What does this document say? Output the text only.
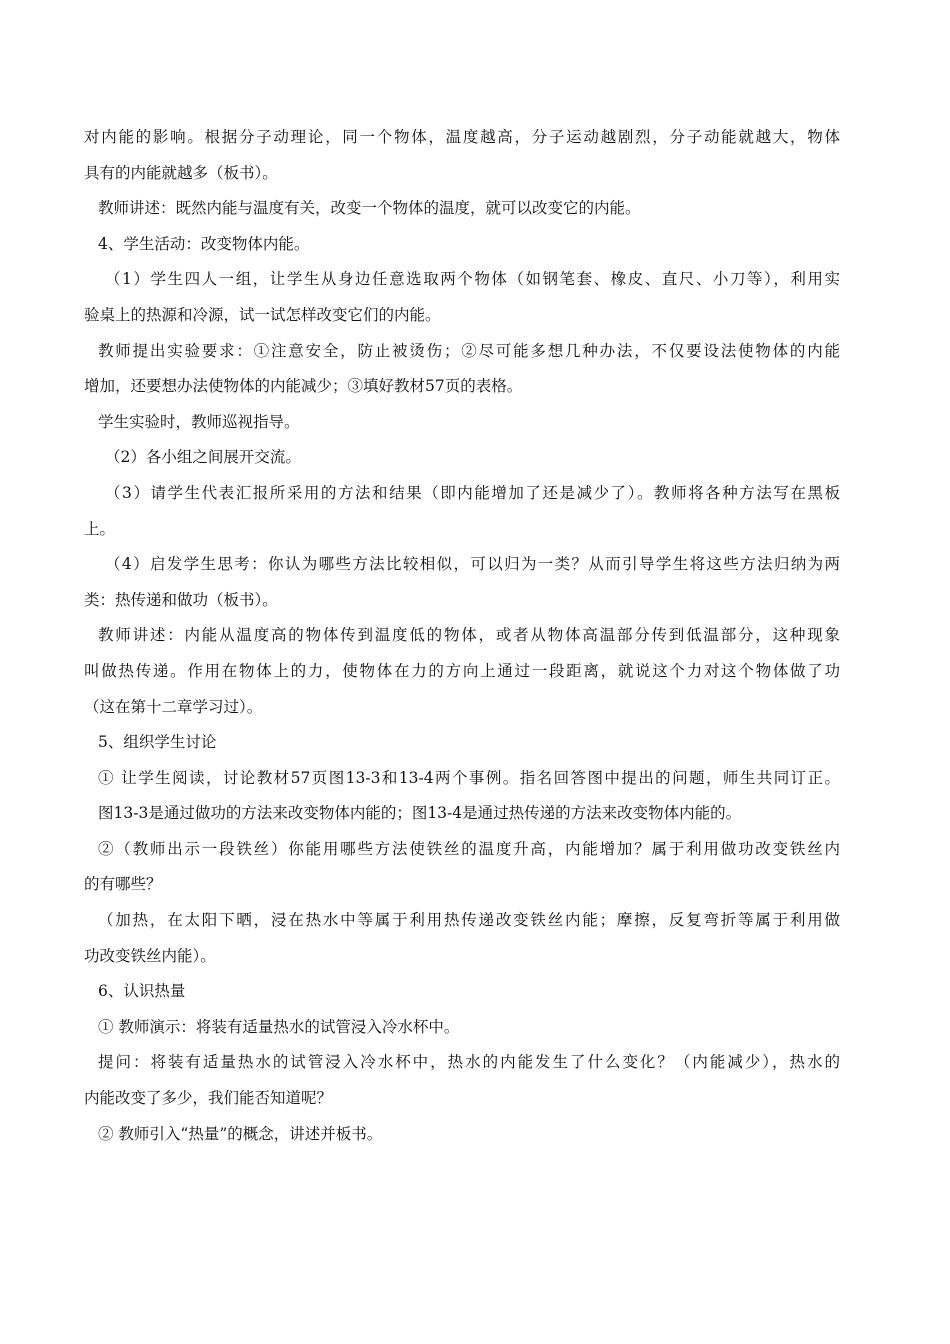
对内能的影响。根据分子动理论，同一个物体，温度越高，分子运动越剧烈，分子动能就越大，物体
具有的内能就越多（板书）。
教师讲述：既然内能与温度有关，改变一个物体的温度，就可以改变它的内能。
4、学生活动：改变物体内能。
（1）学生四人一组，让学生从身边任意选取两个物体（如钢笔套、橡皮、直尺、小刀等），利用实
验桌上的热源和冷源，试一试怎样改变它们的内能。
教师提出实验要求：①注意安全，防止被烫伤；②尽可能多想几种办法，不仅要设法使物体的内能
增加，还要想办法使物体的内能减少；③填好教材57页的表格。
学生实验时，教师巡视指导。
（2）各小组之间展开交流。
（3）请学生代表汇报所采用的方法和结果（即内能增加了还是减少了）。教师将各种方法写在黑板
上。
（4）启发学生思考：你认为哪些方法比较相似，可以归为一类？从而引导学生将这些方法归纳为两
类：热传递和做功（板书）。
教师讲述：内能从温度高的物体传到温度低的物体，或者从物体高温部分传到低温部分，这种现象
叫做热传递。作用在物体上的力，使物体在力的方向上通过一段距离，就说这个力对这个物体做了功
（这在第十二章学习过）。
5、组织学生讨论
① 让学生阅读，讨论教材57页图13-3和13-4两个事例。指名回答图中提出的问题，师生共同订正。
图13-3是通过做功的方法来改变物体内能的；图13-4是通过热传递的方法来改变物体内能的。
②（教师出示一段铁丝）你能用哪些方法使铁丝的温度升高，内能增加？属于利用做功改变铁丝内
的有哪些？
（加热，在太阳下晒，浸在热水中等属于利用热传递改变铁丝内能；摩擦，反复弯折等属于利用做
功改变铁丝内能）。
6、认识热量
① 教师演示：将装有适量热水的试管浸入冷水杯中。
提问：将装有适量热水的试管浸入冷水杯中，热水的内能发生了什么变化？（内能减少），热水的
内能改变了多少，我们能否知道呢？
② 教师引入“热量”的概念，讲述并板书。
